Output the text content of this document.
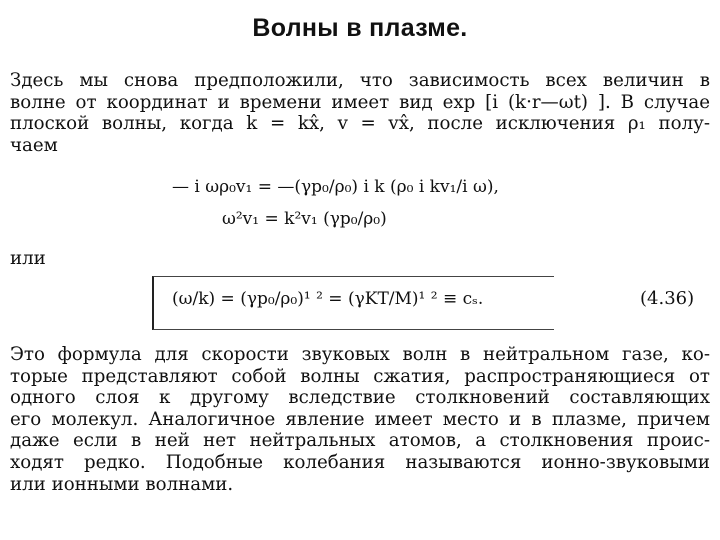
Волны в плазме.
Здесь мы снова предположили, что зависимость всех величин в
волне от координат и времени имеет вид exp [i (k·r—ωt) ]. В случае
плоской волны, когда k = kx̂, v = vx̂, после исключения ρ₁ полу-
чаем
— i ωρ₀v₁ = —(γp₀/ρ₀) i k (ρ₀ i kv₁/i ω),
ω²v₁ = k²v₁ (γp₀/ρ₀)
или
(ω/k) = (γp₀/ρ₀)¹ ² = (γKT/M)¹ ² ≡ cₛ.	(4.36)
Это формула для скорости звуковых волн в нейтральном газе, ко-
торые представляют собой волны сжатия, распространяющиеся от
одного слоя к другому вследствие столкновений составляющих
его молекул. Аналогичное явление имеет место и в плазме, причем
даже если в ней нет нейтральных атомов, а столкновения проис-
ходят редко. Подобные колебания называются ионно-звуковыми
или ионными волнами.
